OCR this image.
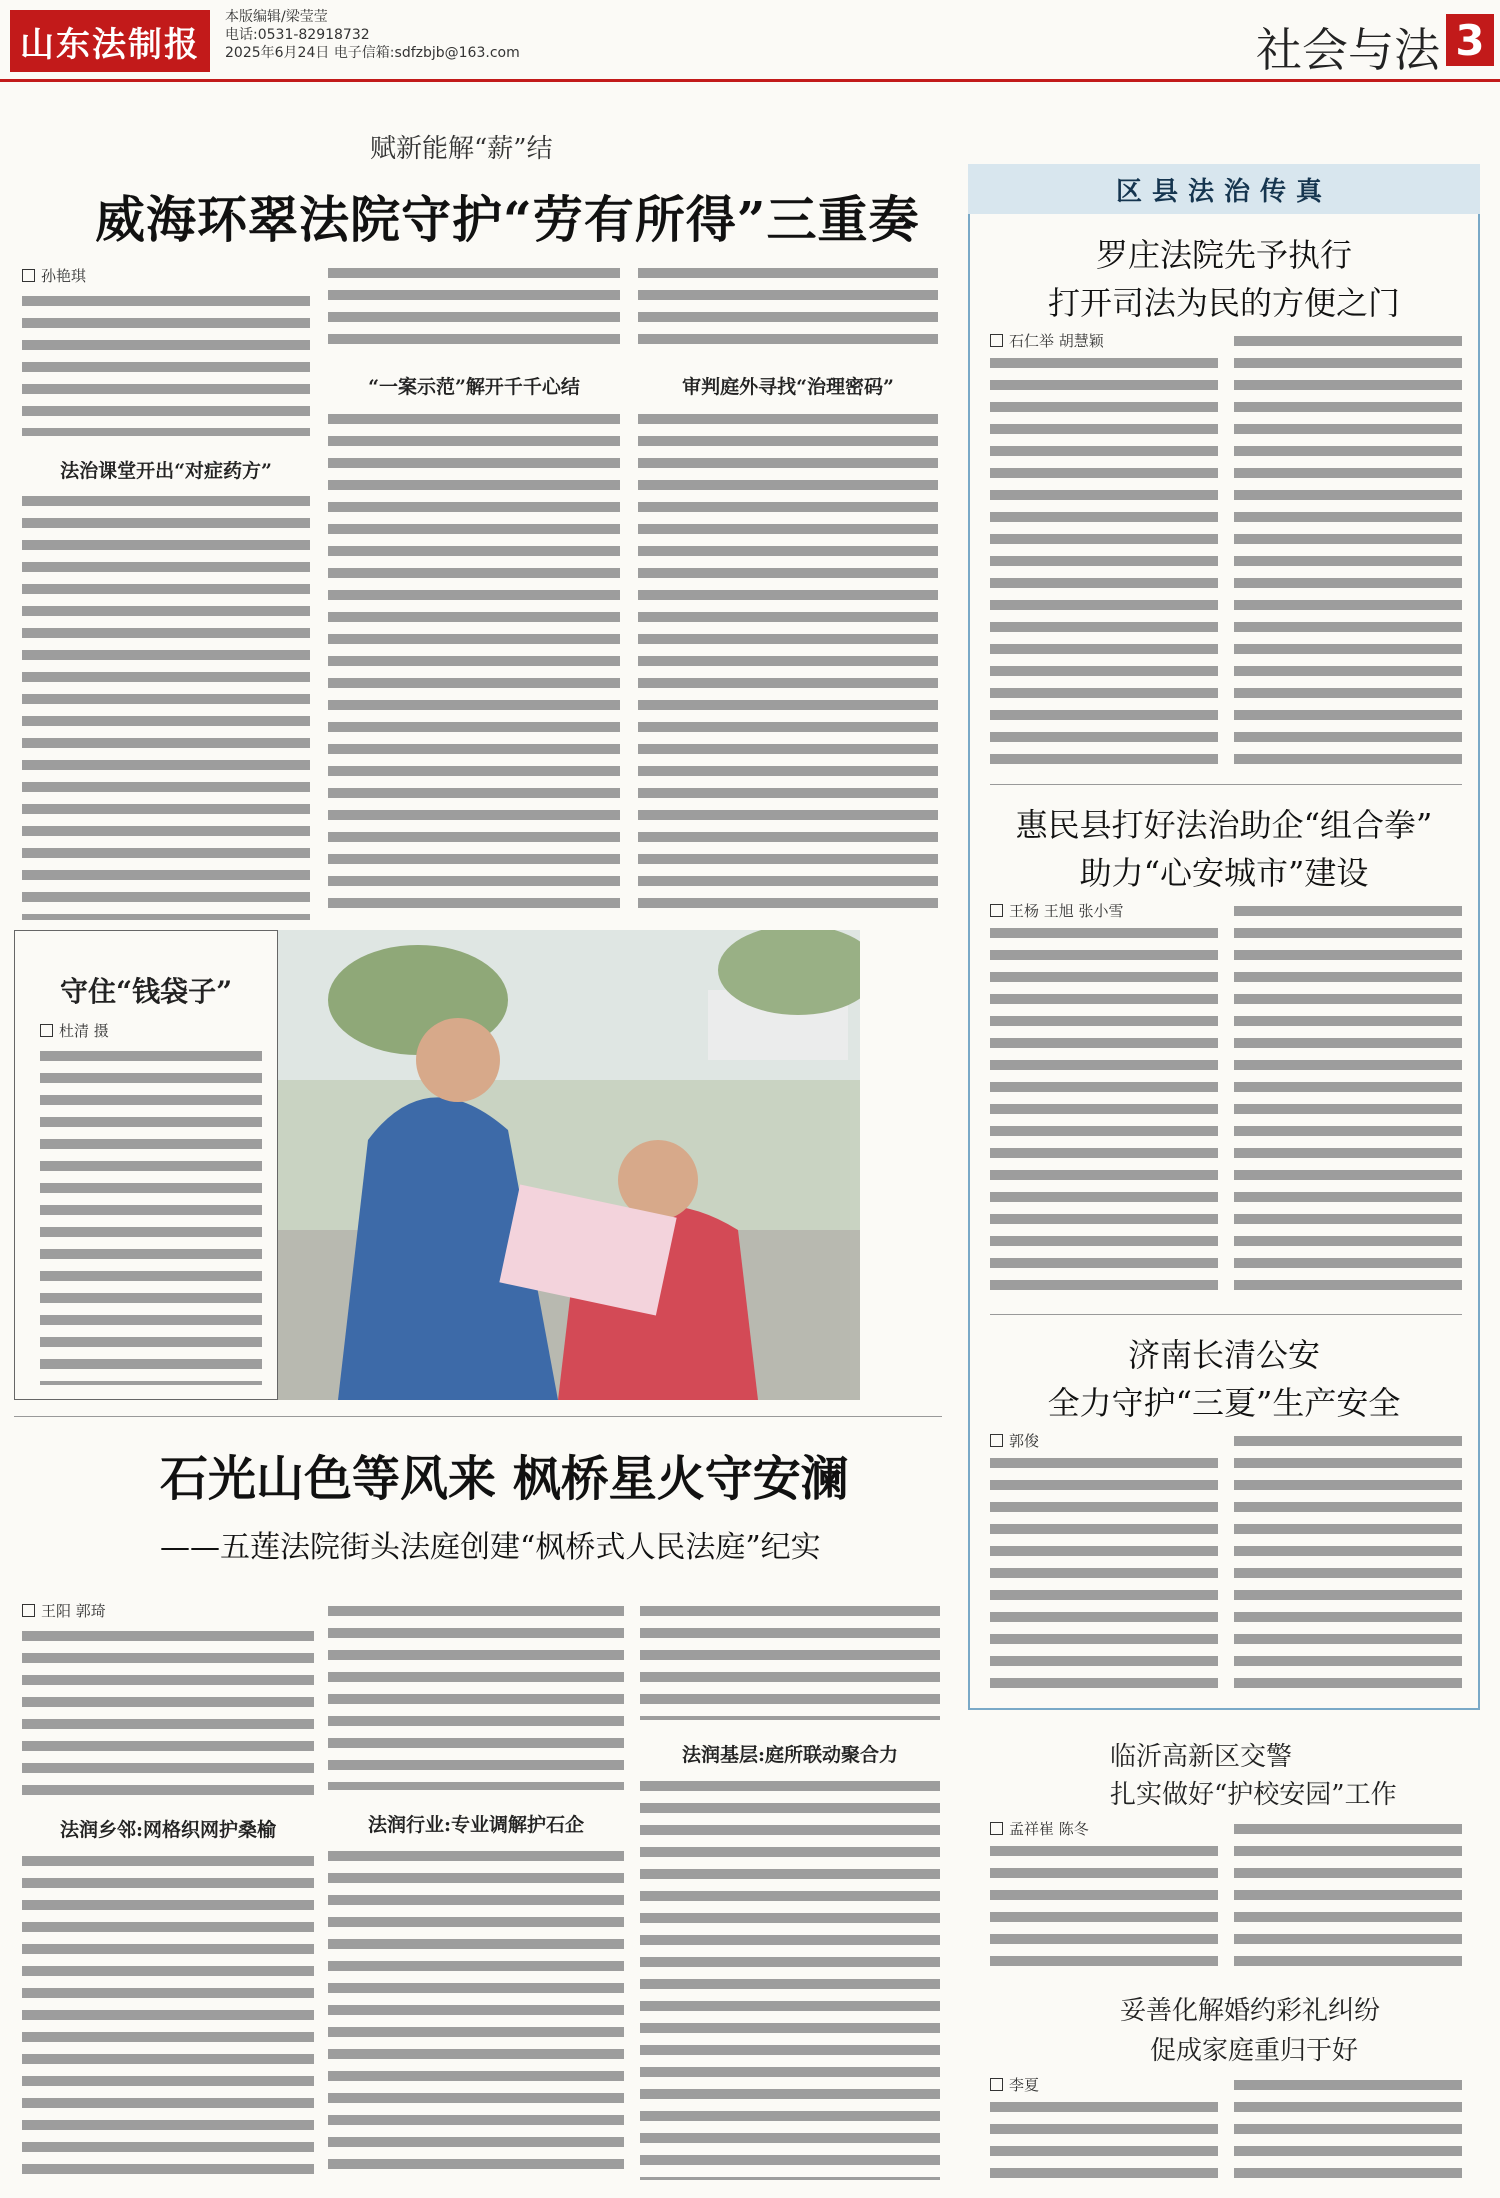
山东法制报
本版编辑/梁莹莹
电话:0531-82918732
2025年6月24日 电子信箱:sdfzbjb@163.com	社会与法 3
赋新能解“薪”结
威海环翠法院守护“劳有所得”三重奏
孙艳琪
法治课堂开出“对症药方”
“一案示范”解开千千心结	审判庭外寻找“治理密码”
守住“钱袋子”
杜清 摄
石光山色等风来 枫桥星火守安澜
——五莲法院街头法庭创建“枫桥式人民法庭”纪实
王阳 郭琦
法润乡邻:网格织网护桑榆	法润行业:专业调解护石企
法润基层:庭所联动聚合力
区县法治传真
罗庄法院先予执行
打开司法为民的方便之门
石仁举 胡慧颖
惠民县打好法治助企“组合拳”
助力“心安城市”建设
王杨 王旭 张小雪
济南长清公安
全力守护“三夏”生产安全
郭俊
临沂高新区交警
扎实做好“护校安园”工作
孟祥崔 陈冬
妥善化解婚约彩礼纠纷
促成家庭重归于好
李夏
